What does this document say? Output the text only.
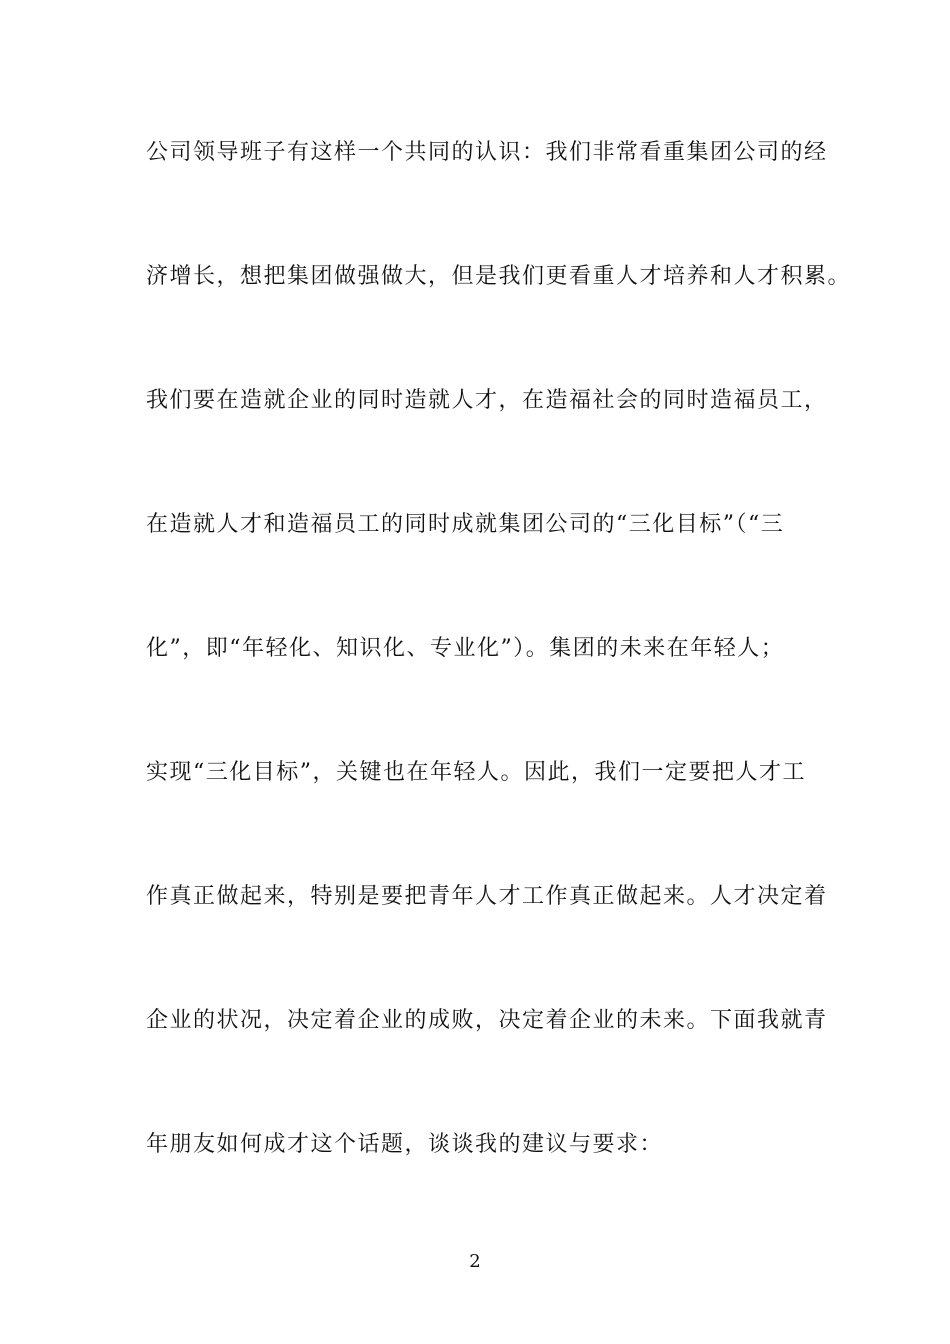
公司领导班子有这样一个共同的认识：我们非常看重集团公司的经
济增长，想把集团做强做大，但是我们更看重人才培养和人才积累。
我们要在造就企业的同时造就人才，在造福社会的同时造福员工，
在造就人才和造福员工的同时成就集团公司的“三化目标”（“三
化”，即“年轻化、知识化、专业化”）。集团的未来在年轻人；
实现“三化目标”，关键也在年轻人。因此，我们一定要把人才工
作真正做起来，特别是要把青年人才工作真正做起来。人才决定着
企业的状况，决定着企业的成败，决定着企业的未来。下面我就青
年朋友如何成才这个话题，谈谈我的建议与要求：
2
